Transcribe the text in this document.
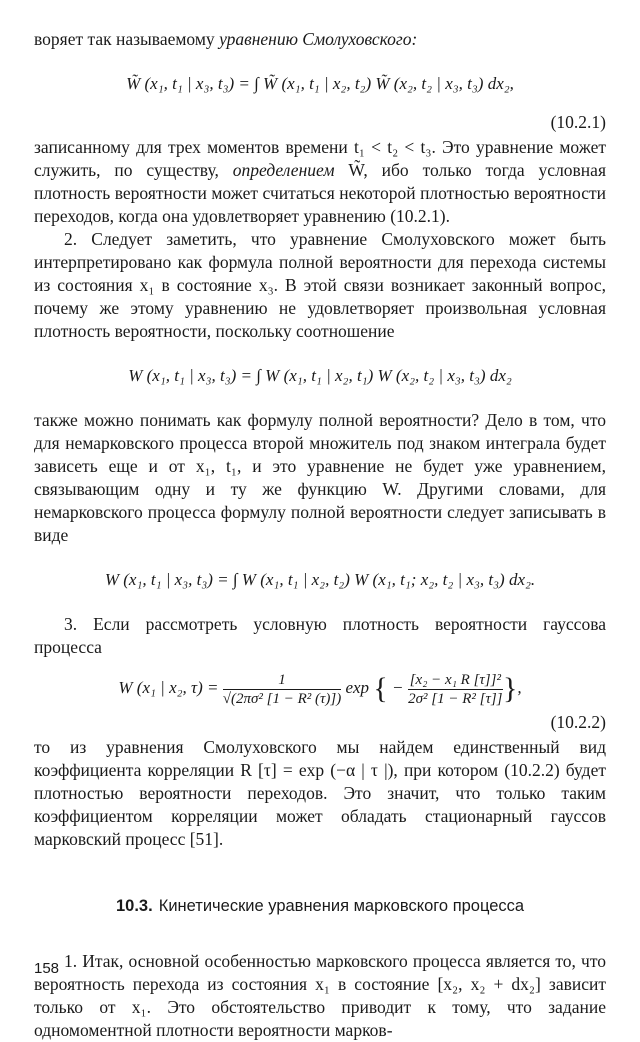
воряет так называемому уравнению Смолуховского:

W̃ (x₁, t₁ | x₃, t₃) = ∫ W̃ (x₁, t₁ | x₂, t₂) W̃ (x₂, t₂ | x₃, t₃) dx₂,
(10.2.1)

записанному для трех моментов времени t₁ < t₂ < t₃. Это уравнение может служить, по существу, определением W̃, ибо только тогда условная плотность вероятности может считаться некоторой плотностью вероятности переходов, когда она удовлетворяет уравнению (10.2.1).

2. Следует заметить, что уравнение Смолуховского может быть интерпретировано как формула полной вероятности для перехода системы из состояния x₁ в состояние x₃. В этой связи возникает законный вопрос, почему же этому уравнению не удовлетворяет произвольная условная плотность вероятности, поскольку соотношение

W (x₁, t₁ | x₃, t₃) = ∫ W (x₁, t₁ | x₂, t₁) W (x₂, t₂ | x₃, t₃) dx₂

также можно понимать как формулу полной вероятности? Дело в том, что для немарковского процесса второй множитель под знаком интеграла будет зависеть еще и от x₁, t₁, и это уравнение не будет уже уравнением, связывающим одну и ту же функцию W. Другими словами, для немарковского процесса формулу полной вероятности следует записывать в виде

W (x₁, t₁ | x₃, t₃) = ∫ W (x₁, t₁ | x₂, t₂) W (x₁, t₁; x₂, t₂ | x₃, t₃) dx₂.

3. Если рассмотреть условную плотность вероятности гауссова процесса

W (x₁ | x₂, $\tau) = \frac{1}{\text{√(2πσ² [1 − R² (τ)])}}$ exp { − $\frac{\text{[x₂ − x₁ R [τ]]²}}{\text{2σ² [1 − R² [τ]]}}$ },
(10.2.2)

то из уравнения Смолуховского мы найдем единственный вид коэффициента корреляции R [τ] = exp (−α | τ |), при котором (10.2.2) будет плотностью вероятности переходов. Это значит, что только таким коэффициентом корреляции может обладать стационарный гауссов марковский процесс [51].

10.3. Кинетические уравнения марковского процесса

1. Итак, основной особенностью марковского процесса является то, что вероятность перехода из состояния x₁ в состояние [x₂, x₂ + dx₂] зависит только от x₁. Это обстоятельство приводит к тому, что задание одномоментной плотности вероятности марков-

158
